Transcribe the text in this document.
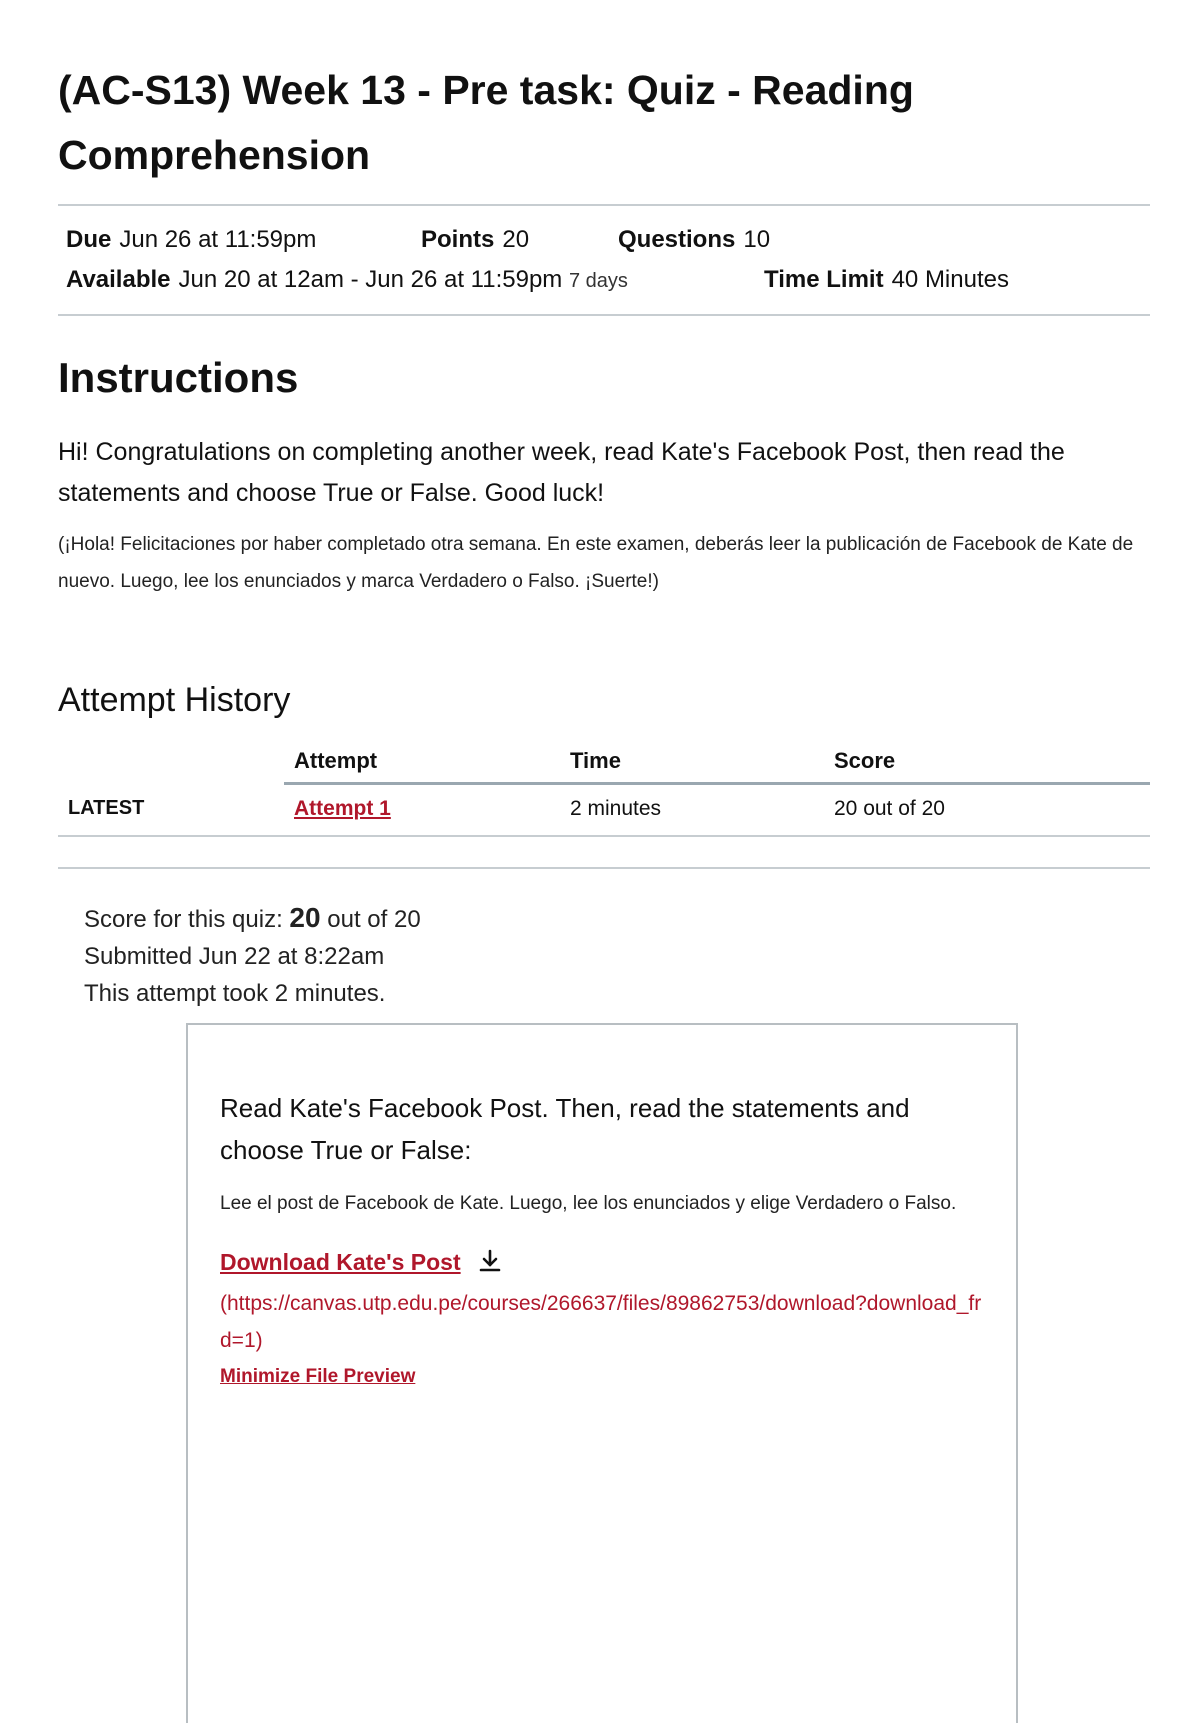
(AC-S13) Week 13 - Pre task: Quiz - Reading Comprehension
Due Jun 26 at 11:59pm	Points 20	Questions 10
Available Jun 20 at 12am - Jun 26 at 11:59pm 7 days	Time Limit 40 Minutes
Instructions

Hi! Congratulations on completing another week, read Kate's Facebook Post, then read the statements and choose True or False. Good luck!

(¡Hola! Felicitaciones por haber completado otra semana. En este examen, deberás leer la publicación de Facebook de Kate de nuevo. Luego, lee los enunciados y marca Verdadero o Falso. ¡Suerte!)

Attempt History
	Attempt	Time	Score
LATEST	Attempt 1	2 minutes	20 out of 20
Score for this quiz: 20 out of 20
Submitted Jun 22 at 8:22am
This attempt took 2 minutes.

Read Kate's Facebook Post. Then, read the statements and choose True or False:

Lee el post de Facebook de Kate. Luego, lee los enunciados y elige Verdadero o Falso.

Download Kate's Post
(https://canvas.utp.edu.pe/courses/266637/files/89862753/download?download_frd=1)
Minimize File Preview
